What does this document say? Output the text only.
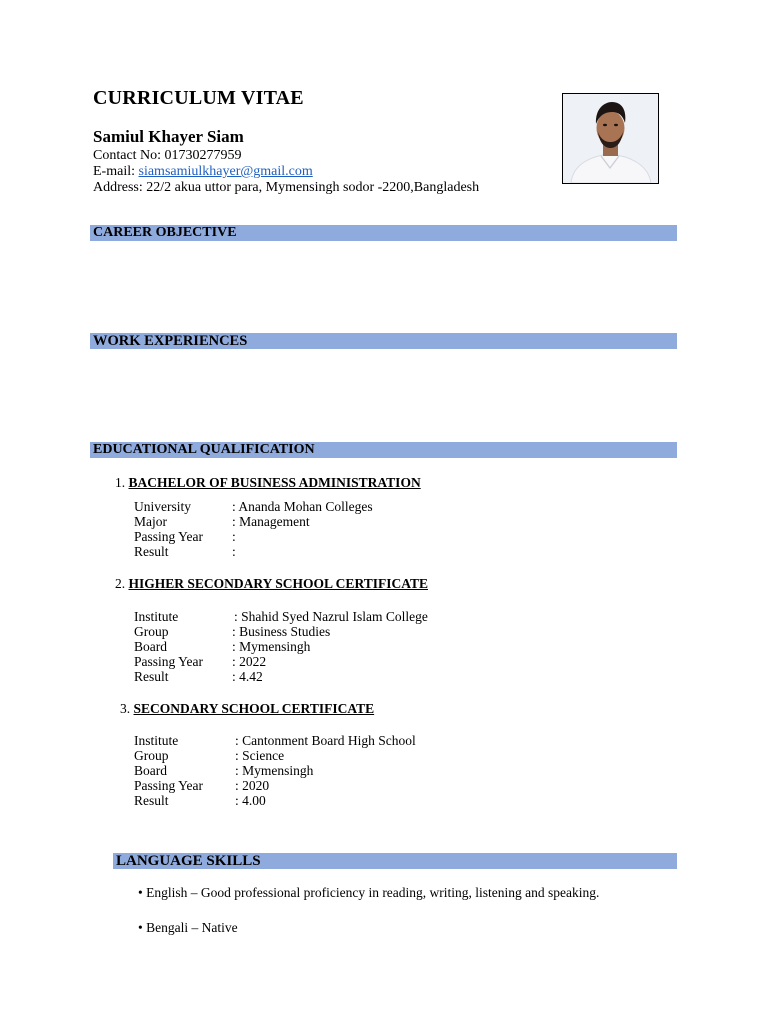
CURRICULUM VITAE
Samiul Khayer Siam
Contact No: 01730277959
E-mail: siamsamiulkhayer@gmail.com
Address: 22/2 akua uttor para, Mymensingh sodor -2200,Bangladesh
CAREER OBJECTIVE
WORK EXPERIENCES
EDUCATIONAL QUALIFICATION
1. BACHELOR OF BUSINESS ADMINISTRATION
University	: Ananda Mohan Colleges
Major	: Management
Passing Year :
Result	:
2. HIGHER SECONDARY SCHOOL CERTIFICATE
Institute	: Shahid Syed Nazrul Islam College
Group	: Business Studies
Board	: Mymensingh
Passing Year : 2022
Result	: 4.42
3. SECONDARY SCHOOL CERTIFICATE
Institute	: Cantonment Board High School
Group	: Science
Board	: Mymensingh
Passing Year : 2020
Result	: 4.00
LANGUAGE SKILLS
• English – Good professional proficiency in reading, writing, listening and speaking.
• Bengali – Native
